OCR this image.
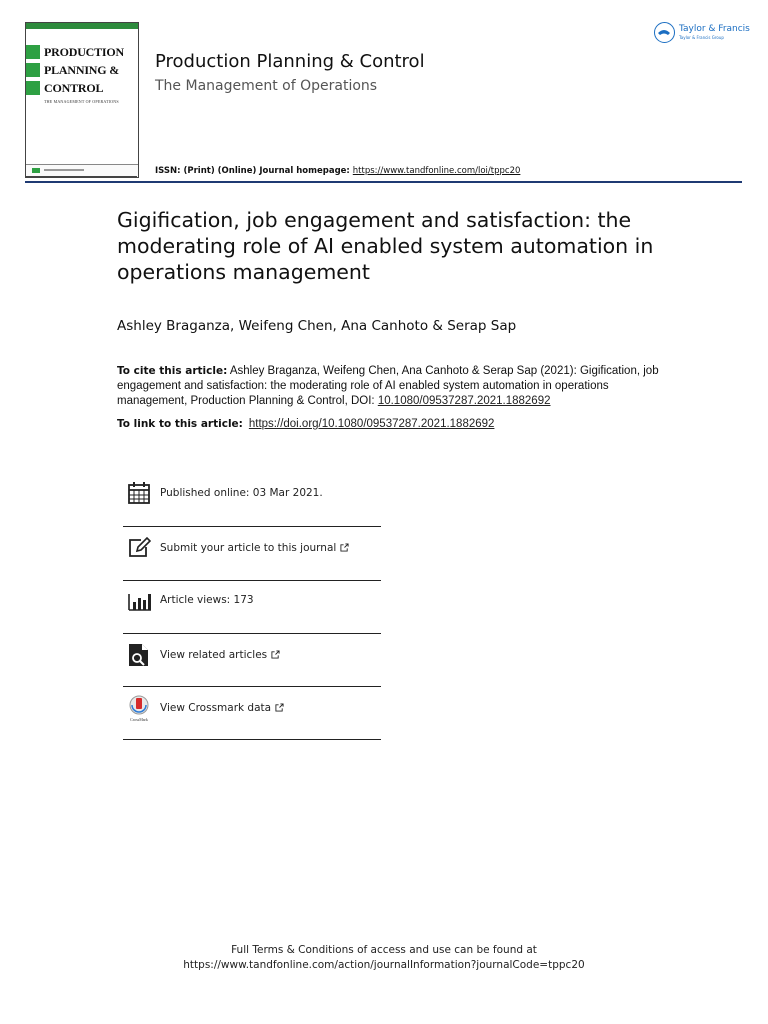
PRODUCTION
PLANNING &
CONTROL
THE MANAGEMENT OF OPERATIONS
Production Planning & Control
The Management of Operations
ISSN: (Print) (Online) Journal homepage: https://www.tandfonline.com/loi/tppc20
Taylor & Francis
Taylor & Francis Group
Gigification, job engagement and satisfaction: the moderating role of AI enabled system automation in operations management
Ashley Braganza, Weifeng Chen, Ana Canhoto & Serap Sap
To cite this article: Ashley Braganza, Weifeng Chen, Ana Canhoto & Serap Sap (2021): Gigification, job engagement and satisfaction: the moderating role of AI enabled system automation in operations management, Production Planning & Control, DOI: 10.1080/09537287.2021.1882692
To link to this article: https://doi.org/10.1080/09537287.2021.1882692
Published online: 03 Mar 2021.
Submit your article to this journal
Article views: 173
View related articles
CrossMark
View Crossmark data
Full Terms & Conditions of access and use can be found at
https://www.tandfonline.com/action/journalInformation?journalCode=tppc20
